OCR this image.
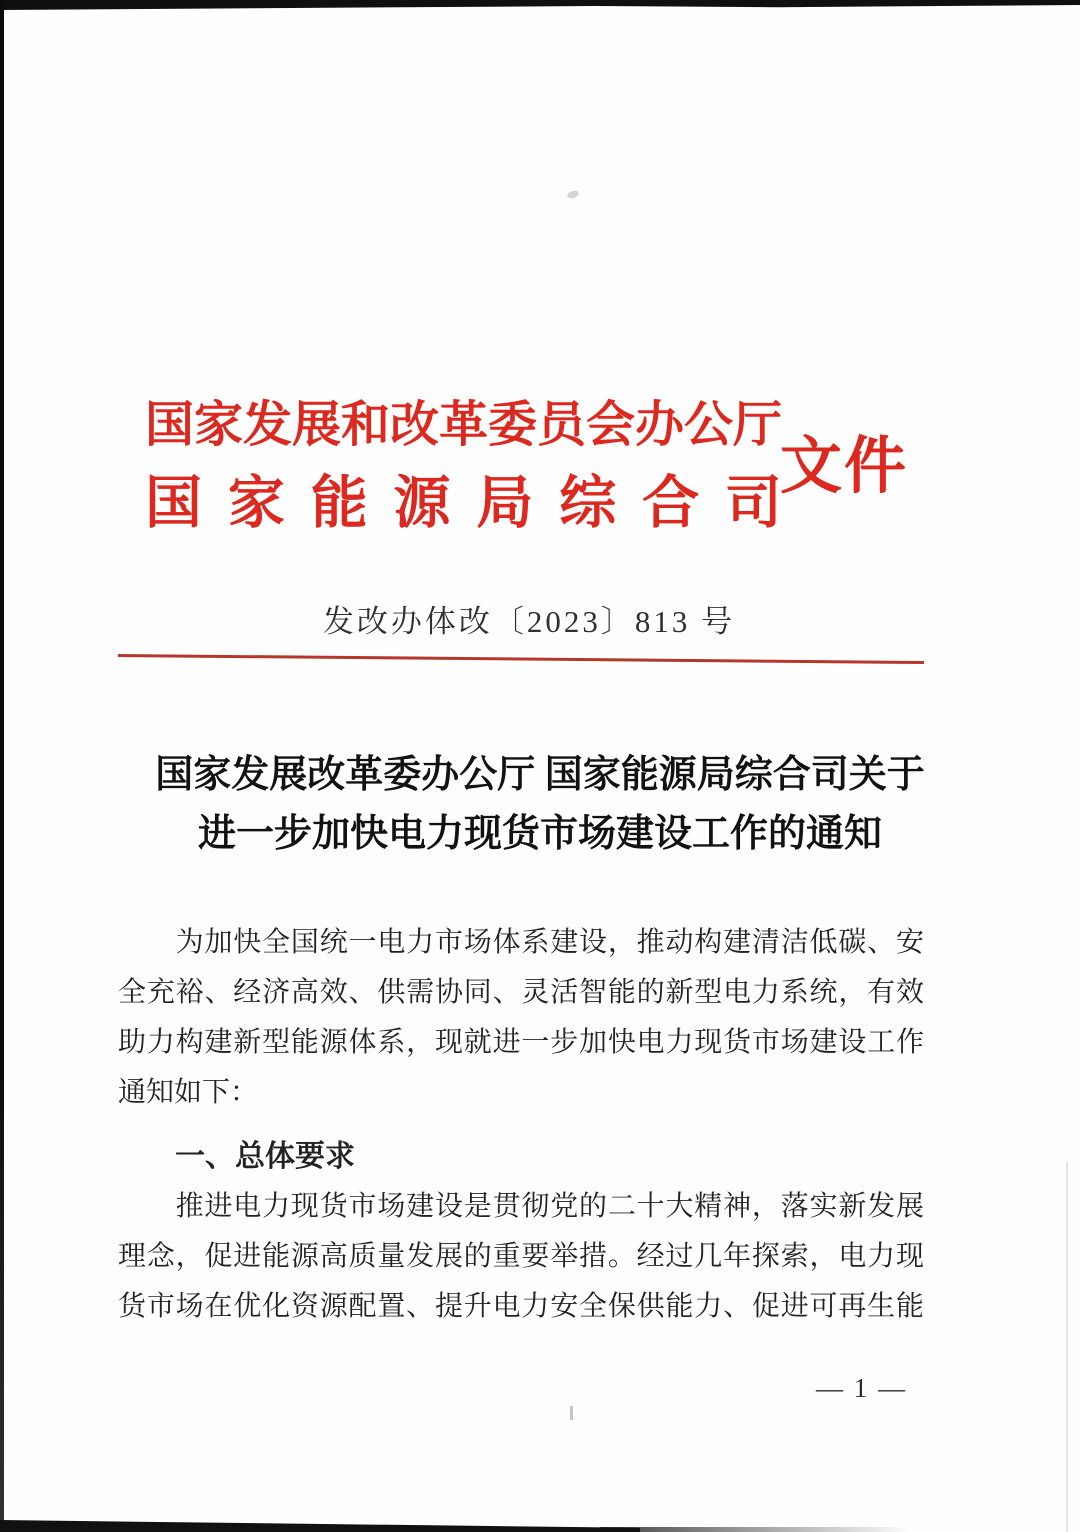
国家发展和改革委员会办公厅
国 家 能 源 局 综 合 司
文件
发改办体改〔2023〕813 号
国家发展改革委办公厅 国家能源局综合司关于
进一步加快电力现货市场建设工作的通知
　　为加快全国统一电力市场体系建设，推动构建清洁低碳、安
全充裕、经济高效、供需协同、灵活智能的新型电力系统，有效
助力构建新型能源体系，现就进一步加快电力现货市场建设工作
通知如下：
一、总体要求
　　推进电力现货市场建设是贯彻党的二十大精神，落实新发展
理念，促进能源高质量发展的重要举措。经过几年探索，电力现
货市场在优化资源配置、提升电力安全保供能力、促进可再生能
— 1 —
